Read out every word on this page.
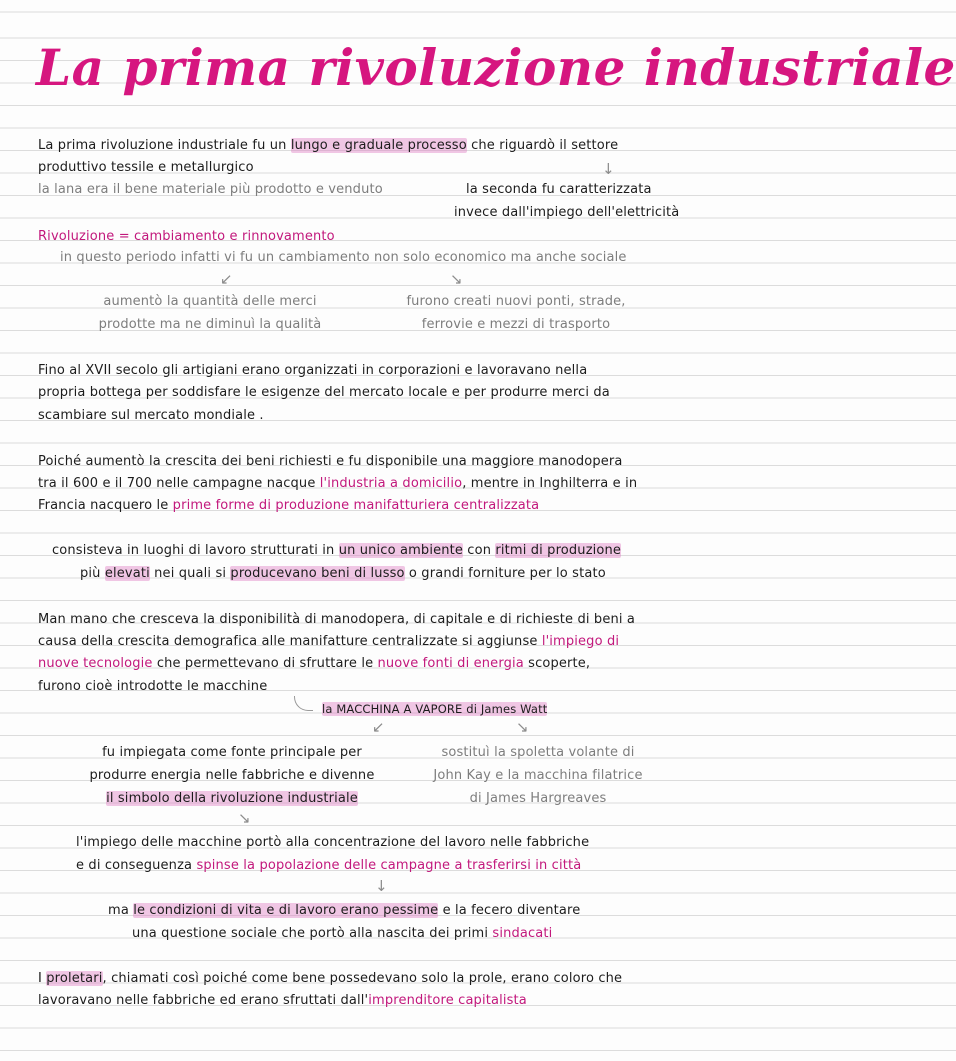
La prima rivoluzione industriale
La prima rivoluzione industriale fu un lungo e graduale processo che riguardò il settore
produttivo tessile e metallurgico	↓
la lana era il bene materiale più prodotto e venduto	la seconda fu caratterizzata
invece dall'impiego dell'elettricità
Rivoluzione = cambiamento e rinnovamento
in questo periodo infatti vi fu un cambiamento non solo economico ma anche sociale
↙	↘
aumentò la quantità delle merci
prodotte ma ne diminuì la qualità
furono creati nuovi ponti, strade,
ferrovie e mezzi di trasporto
Fino al XVII secolo gli artigiani erano organizzati in corporazioni e lavoravano nella
propria bottega per soddisfare le esigenze del mercato locale e per produrre merci da
scambiare sul mercato mondiale .
Poiché aumentò la crescita dei beni richiesti e fu disponibile una maggiore manodopera
tra il 600 e il 700 nelle campagne nacque l'industria a domicilio, mentre in Inghilterra e in
Francia nacquero le prime forme di produzione manifatturiera centralizzata
consisteva in luoghi di lavoro strutturati in un unico ambiente con ritmi di produzione
più elevati nei quali si producevano beni di lusso o grandi forniture per lo stato
Man mano che cresceva la disponibilità di manodopera, di capitale e di richieste di beni a
causa della crescita demografica alle manifatture centralizzate si aggiunse l'impiego di
nuove tecnologie che permettevano di sfruttare le nuove fonti di energia scoperte,
furono cioè introdotte le macchine
la MACCHINA A VAPORE di James Watt
↙	↘
fu impiegata come fonte principale per
produrre energia nelle fabbriche e divenne
il simbolo della rivoluzione industriale
sostituì la spoletta volante di
John Kay e la macchina filatrice
di James Hargreaves
↘
l'impiego delle macchine portò alla concentrazione del lavoro nelle fabbriche
e di conseguenza spinse la popolazione delle campagne a trasferirsi in città
↓
ma le condizioni di vita e di lavoro erano pessime e la fecero diventare
una questione sociale che portò alla nascita dei primi sindacati
I proletari, chiamati così poiché come bene possedevano solo la prole, erano coloro che
lavoravano nelle fabbriche ed erano sfruttati dall'imprenditore capitalista
